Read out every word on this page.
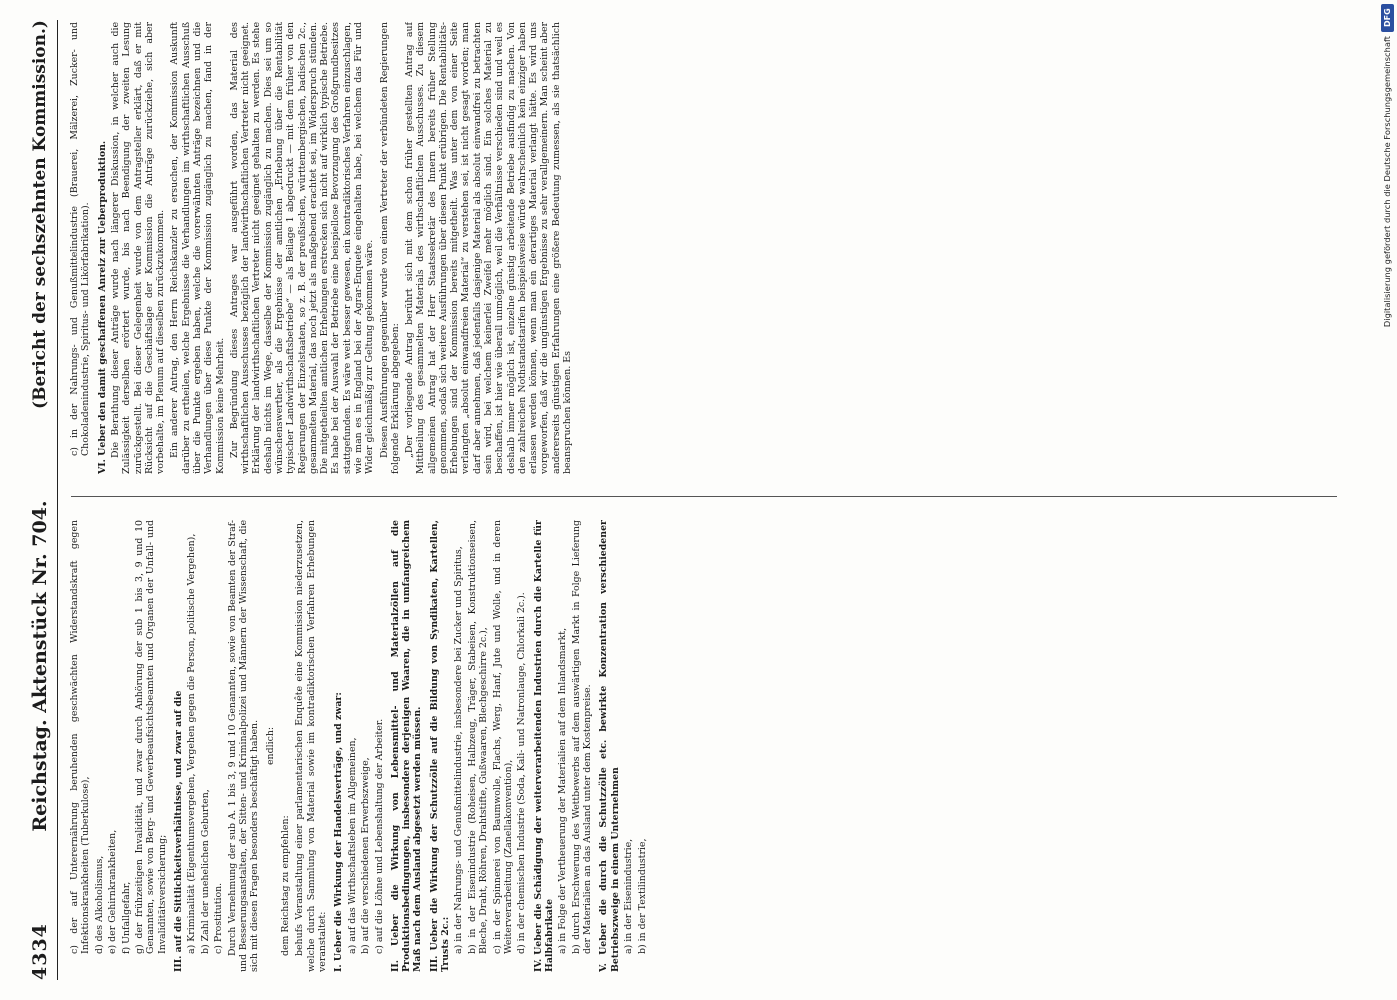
4334
Reichstag. Aktenstück Nr. 704.
(Bericht der sechszehnten Kommission.)
c) der auf Unterernährung beruhenden geschwächten Widerstandskraft gegen Infektionskrankheiten (Tuberkulose), d) des Alkoholismus, e) der Gehirnkrankheiten, f) Unfallgefahr, g) der frühzeitigen Invalidität, und zwar durch Anhörung der sub 1 bis 3, 9 und 10 Genannten, sowie von Berg- und Gewerbeaufsichtsbeamten und Organen der Unfall- und Invaliditätsversicherung; III. auf die Sittlichkeitsverhältnisse, und zwar auf die a) Kriminalität (Eigenthumsvergehen, Vergehen gegen die Person, politische Vergehen), b) Zahl der unehelichen Geburten, c) Prostitution. Durch Vernehmung der sub A. 1 bis 3, 9 und 10 Genannten, sowie von Beamten der Straf- und Besserungsanstalten, der Sitten- und Kriminalpolizei und Männern der Wissenschaft, die sich mit diesen Fragen besonders beschäftigt haben. endlich:
dem Reichstag zu empfehlen: behufs Veranstaltung einer parlamentarischen Enquête eine Kommission niederzusetzen, welche durch Sammlung von Material sowie im kontradiktorischen Verfahren Erhebungen veranstaltet: I. Ueber die Wirkung der Handelsverträge, und zwar: a) auf das Wirthschaftsleben im Allgemeinen, b) auf die verschiedenen Erwerbszweige, c) auf die Löhne und Lebenshaltung der Arbeiter. II. Ueber die Wirkung von Lebensmittel- und Materialzöllen auf die Produktionsbedingungen, insbesondere derjenigen Waaren, die in umfangreichem Maß nach dem Ausland abgesetzt werden müssen. III. Ueber die Wirkung der Schutzzölle auf die Bildung von Syndikaten, Kartellen, Trusts 2c.: a) in der Nahrungs- und Genußmittelindustrie, insbesondere bei Zucker und Spiritus, b) in der Eisenindustrie (Roheisen, Halbzeug, Träger, Stabeisen, Konstruktionseisen, Bleche, Draht, Röhren, Drahtstifte, Gußwaaren, Blechgeschirre 2c.), c) in der Spinnerei von Baumwolle, Flachs, Werg, Hanf, Jute und Wolle, und in deren Weiterverarbeitung (Zanellakonvention), d) in der chemischen Industrie (Soda, Kali- und Natronlauge, Chlorkali 2c.). IV. Ueber die Schädigung der weiterverarbeitenden Industrien durch die Kartelle für Halbfabrikate a) in Folge der Vertheuerung der Materialien auf dem Inlandsmarkt, b) durch Erschwerung des Wettbewerbs auf dem auswärtigen Markt in Folge Lieferung der Materialien an das Ausland unter dem Kostenpreise. V. Ueber die durch die Schutzzölle etc. bewirkte Konzentration verschiedener Betriebszweige in einem Unternehmen a) in der Eisenindustrie, b) in der Textilindustrie,
c) in der Nahrungs- und Genußmittelindustrie (Brauerei, Mälzerei, Zucker- und Chokoladenindustrie, Spiritus- und Likörfabrikation). VI. Ueber den damit geschaffenen Anreiz zur Ueberproduktion. Die Berathung dieser Anträge wurde nach längerer Diskussion, in welcher auch die Zulässigkeit derselben erörtert wurde, bis nach Beendigung der zweiten Lesung zurückgestellt. Bei dieser Gelegenheit wurde von dem Antragsteller erklärt, daß er mit Rücksicht auf die Geschäftslage der Kommission die Anträge zurückziehe, sich aber vorbehalte, im Plenum auf dieselben zurückzukommen. Ein anderer Antrag, den Herrn Reichskanzler zu ersuchen, der Kommission Auskunft darüber zu ertheilen, welche Ergebnisse die Verhandlungen im wirthschaftlichen Ausschuß über die Punkte ergeben haben, welche die vorerwähnten Anträge bezeichnen und die Verhandlungen über diese Punkte der Kommission zugänglich zu machen, fand in der Kommission keine Mehrheit. Zur Begründung dieses Antrages war ausgeführt worden, das Material des wirthschaftlichen Ausschusses bezüglich der landwirthschaftlichen Vertreter nicht geeignet. Erklärung der landwirthschaftlichen Vertreter nicht geeignet gehalten zu werden. Es stehe deshalb nichts im Wege, dasselbe der Kommission zugänglich zu machen. Dies sei um so wünschenswerther, als die Ergebnisse der amtlichen „Erhebung über die Rentabilität typischer Landwirthschaftsbetriebe“ — als Beilage 1 abgedruckt — mit dem früher von den Regierungen der Einzelstaaten, so z. B. der preußischen, württembergischen, badischen 2c., gesammelten Material, das noch jetzt als maßgebend erachtet sei, im Widerspruch stünden. Die mitgetheilten amtlichen Erhebungen erstrecken sich nicht auf wirklich typische Betriebe. Es habe bei der Auswahl der Betriebe eine beispiellose Bevorzugung des Großgrundbesitzes stattgefunden. Es wäre weit besser gewesen, ein kontradiktorisches Verfahren einzuschlagen, wie man es in England bei der Agrar-Enquete eingehalten habe, bei welchem das Für und Wider gleichmäßig zur Geltung gekommen wäre. Diesen Ausführungen gegenüber wurde von einem Vertreter der verbündeten Regierungen folgende Erklärung abgegeben: „Der vorliegende Antrag berührt sich mit dem schon früher gestellten Antrag auf Mittheilung des gesammelten Materials des wirthschaftlichen Ausschusses. Zu diesem allgemeinen Antrag hat der Herr Staatssekretär des Innern bereits früher Stellung genommen, sodaß sich weitere Ausführungen über diesen Punkt erübrigen. Die Rentabilitäts-Erhebungen sind der Kommission bereits mitgetheilt. Was unter dem von einer Seite verlangten „absolut einwandfreien Material“ zu verstehen sei, ist nicht gesagt worden; man darf aber annehmen, daß jedenfalls dasjenige Material als absolut einwandfrei zu betrachten sein wird, bei welchem keinerlei Zweifel mehr möglich sind. Ein solches Material zu beschaffen, ist hier wie überall unmöglich, weil die Verhältnisse verschieden sind und weil es deshalb immer möglich ist, einzelne günstig arbeitende Betriebe ausfindig zu machen. Von den zahlreichen Nothstandstarifen beispielsweise würde wahrscheinlich kein einziger haben erlassen werden können, wenn man ein derartiges Material verlangt hätte. Es wird uns vorgeworfen, daß wir die ungünstigen Ergebnisse zu sehr verallgemeinern. Man scheint aber andererseits günstigen Erfahrungen eine größere Bedeutung zumessen, als sie thatsächlich beanspruchen können. Es
DFG
Digitalisierung gefördert durch die Deutsche Forschungsgemeinschaft
